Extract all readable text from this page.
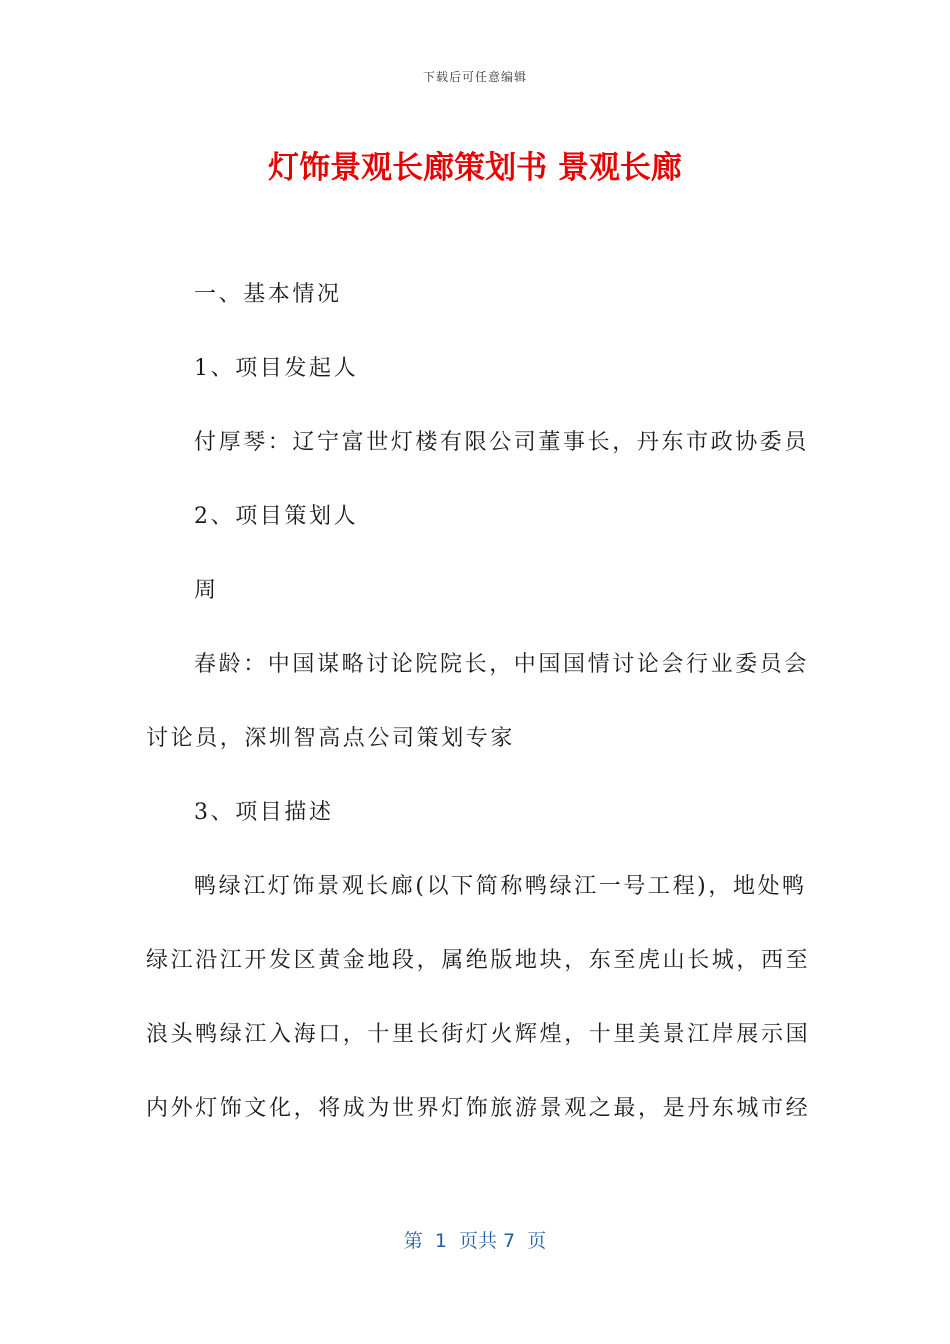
下载后可任意编辑
灯饰景观长廊策划书 景观长廊

一、基本情况

1、项目发起人

付厚琴：辽宁富世灯楼有限公司董事长，丹东市政协委员

2、项目策划人

周

春龄：中国谋略讨论院院长，中国国情讨论会行业委员会

讨论员，深圳智高点公司策划专家

3、项目描述

鸭绿江灯饰景观长廊(以下简称鸭绿江一号工程)，地处鸭

绿江沿江开发区黄金地段，属绝版地块，东至虎山长城，西至

浪头鸭绿江入海口，十里长街灯火辉煌，十里美景江岸展示国

内外灯饰文化，将成为世界灯饰旅游景观之最，是丹东城市经

第  1  页共 7  页
